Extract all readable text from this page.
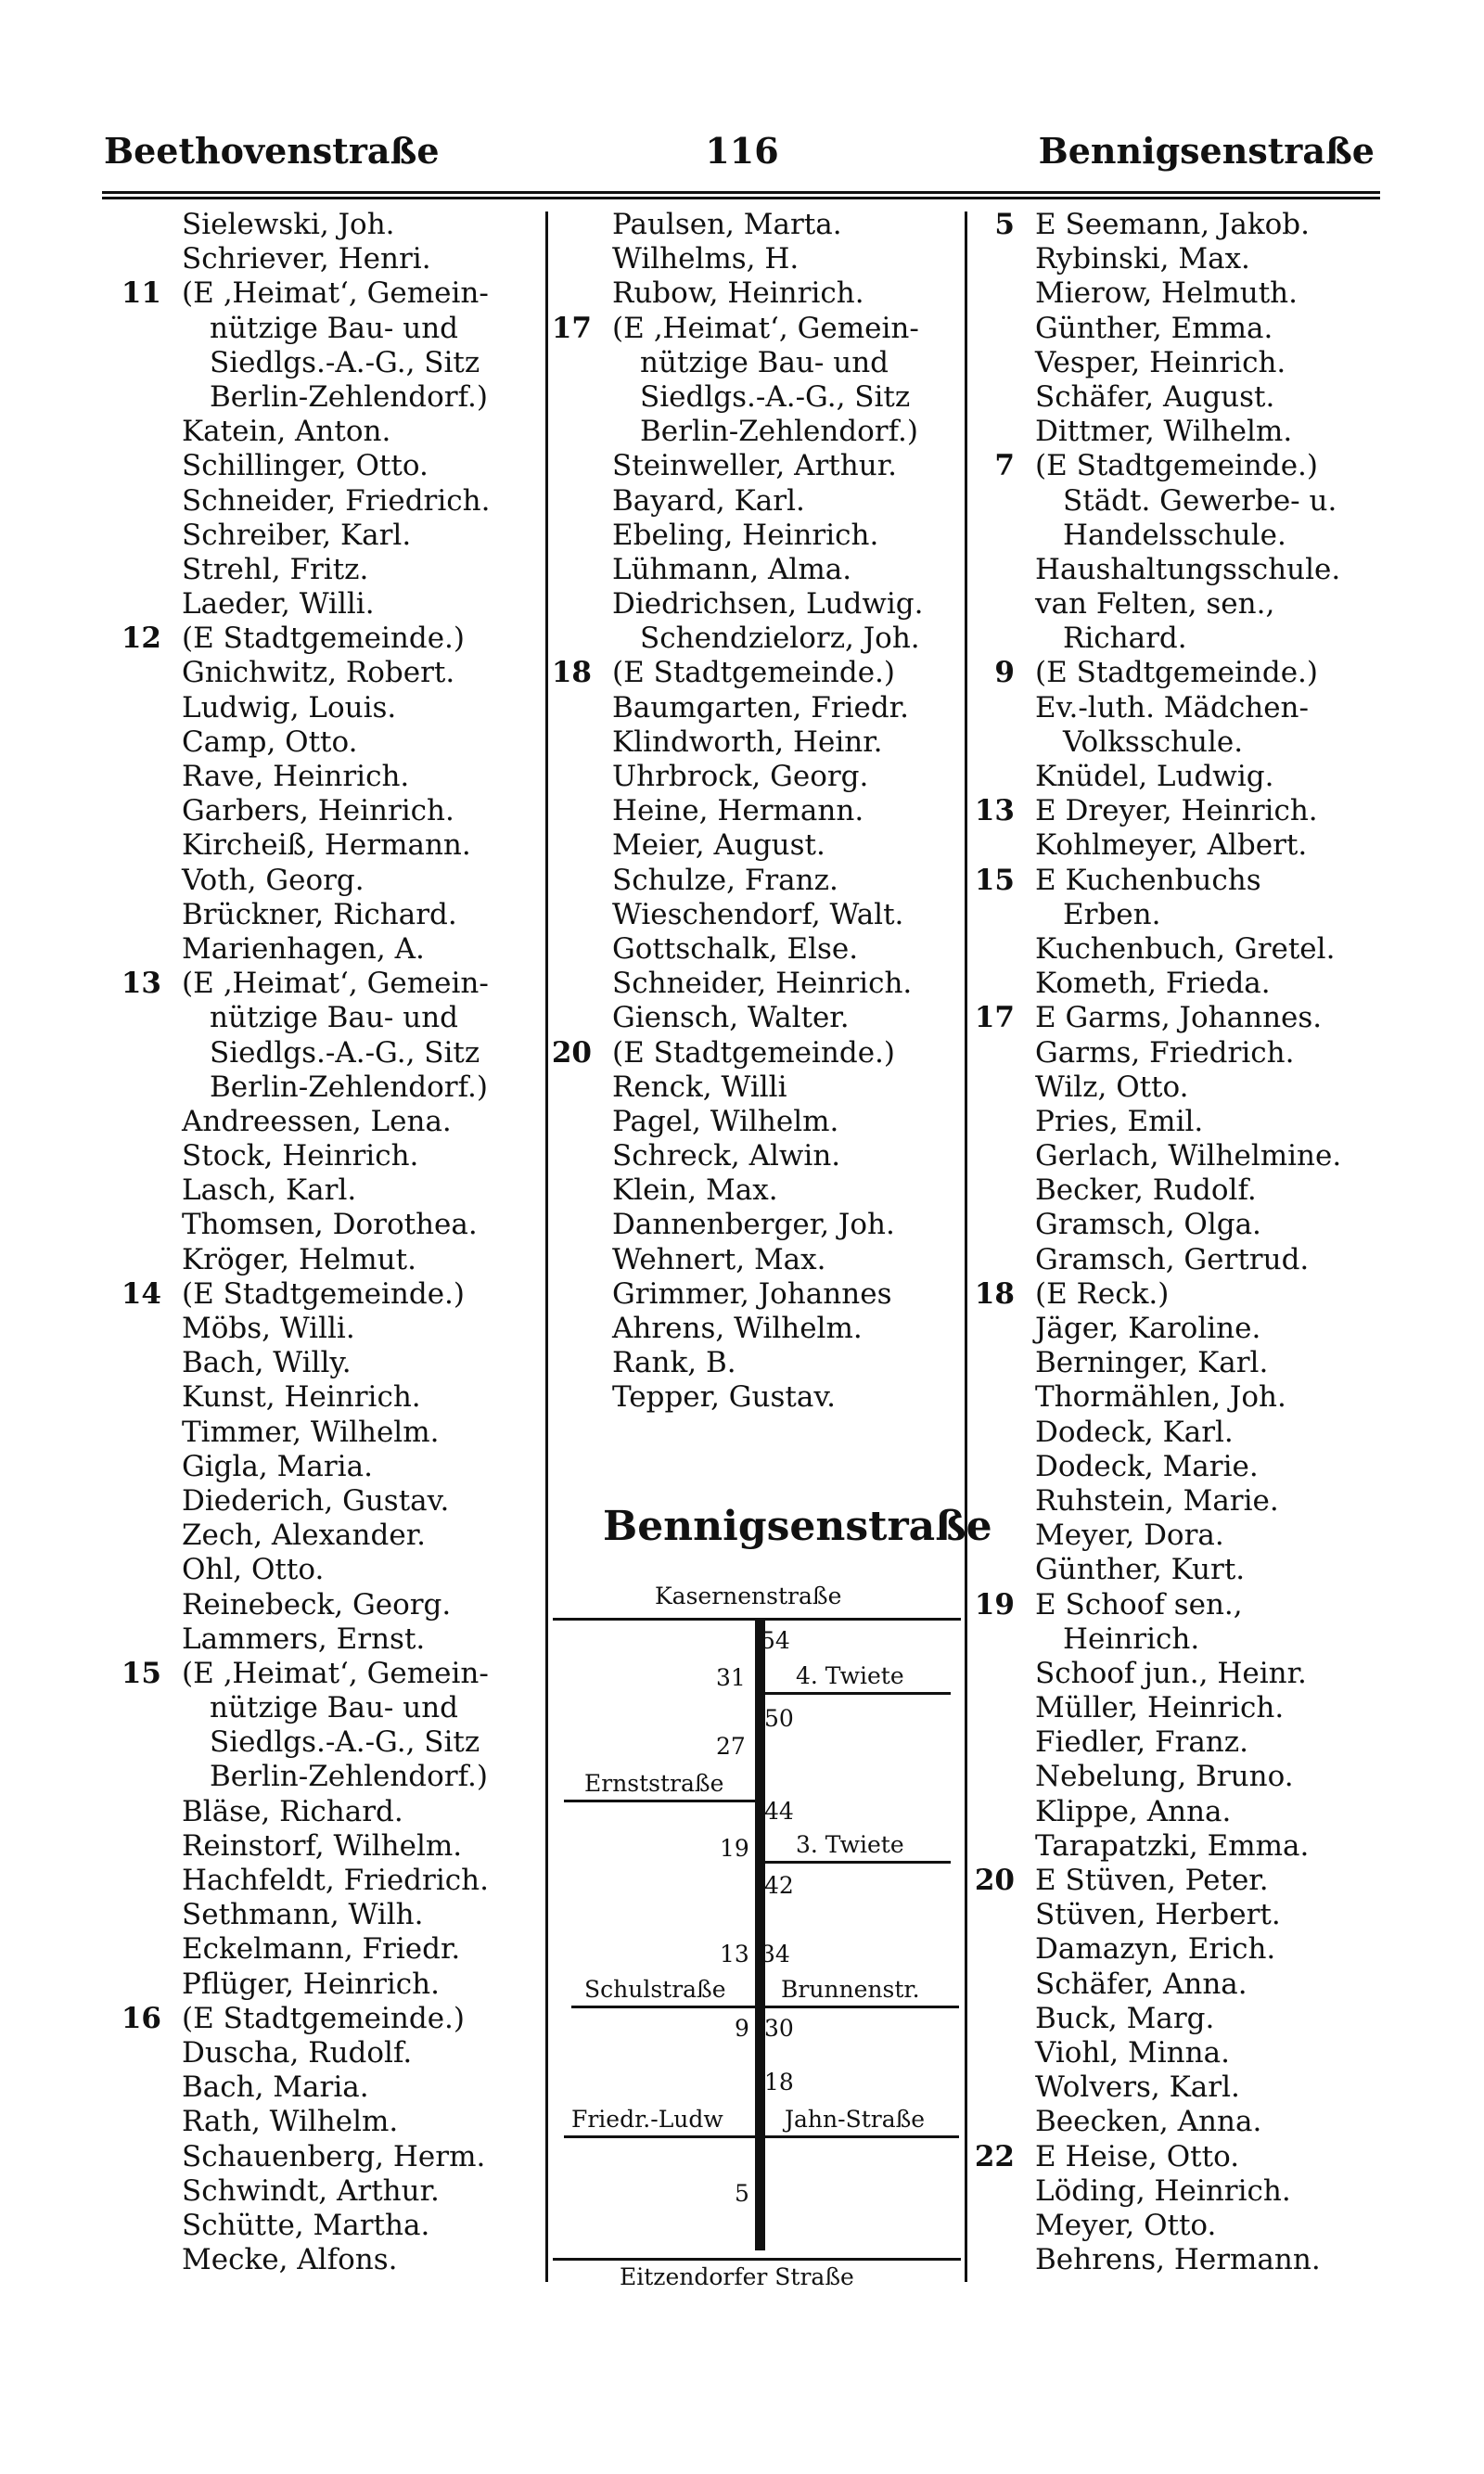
Beethovenstraße	116	Bennigsenstraße
Sielewski, Joh.
Schriever, Henri.
11 (E ‚Heimat‘, Gemein-
nützige Bau- und
Siedlgs.-A.-G., Sitz
Berlin-Zehlendorf.)
Katein, Anton.
Schillinger, Otto.
Schneider, Friedrich.
Schreiber, Karl.
Strehl, Fritz.
Laeder, Willi.
12 (E Stadtgemeinde.)
Gnichwitz, Robert.
Ludwig, Louis.
Camp, Otto.
Rave, Heinrich.
Garbers, Heinrich.
Kircheiß, Hermann.
Voth, Georg.
Brückner, Richard.
Marienhagen, A.
13 (E ‚Heimat‘, Gemein-
nützige Bau- und
Siedlgs.-A.-G., Sitz
Berlin-Zehlendorf.)
Andreessen, Lena.
Stock, Heinrich.
Lasch, Karl.
Thomsen, Dorothea.
Kröger, Helmut.
14 (E Stadtgemeinde.)
Möbs, Willi.
Bach, Willy.
Kunst, Heinrich.
Timmer, Wilhelm.
Gigla, Maria.
Diederich, Gustav.
Zech, Alexander.
Ohl, Otto.
Reinebeck, Georg.
Lammers, Ernst.
15 (E ‚Heimat‘, Gemein-
nützige Bau- und
Siedlgs.-A.-G., Sitz
Berlin-Zehlendorf.)
Bläse, Richard.
Reinstorf, Wilhelm.
Hachfeldt, Friedrich.
Sethmann, Wilh.
Eckelmann, Friedr.
Pflüger, Heinrich.
16 (E Stadtgemeinde.)
Duscha, Rudolf.
Bach, Maria.
Rath, Wilhelm.
Schauenberg, Herm.
Schwindt, Arthur.
Schütte, Martha.
Mecke, Alfons.
Paulsen, Marta.
Wilhelms, H.
Rubow, Heinrich.
17 (E ‚Heimat‘, Gemein-
nützige Bau- und
Siedlgs.-A.-G., Sitz
Berlin-Zehlendorf.)
Steinweller, Arthur.
Bayard, Karl.
Ebeling, Heinrich.
Lühmann, Alma.
Diedrichsen, Ludwig.
Schendzielorz, Joh.
18 (E Stadtgemeinde.)
Baumgarten, Friedr.
Klindworth, Heinr.
Uhrbrock, Georg.
Heine, Hermann.
Meier, August.
Schulze, Franz.
Wieschendorf, Walt.
Gottschalk, Else.
Schneider, Heinrich.
Giensch, Walter.
20 (E Stadtgemeinde.)
Renck, Willi
Pagel, Wilhelm.
Schreck, Alwin.
Klein, Max.
Dannenberger, Joh.
Wehnert, Max.
Grimmer, Johannes
Ahrens, Wilhelm.
Rank, B.
Tepper, Gustav.
5 E Seemann, Jakob.
Rybinski, Max.
Mierow, Helmuth.
Günther, Emma.
Vesper, Heinrich.
Schäfer, August.
Dittmer, Wilhelm.
7 (E Stadtgemeinde.)
Städt. Gewerbe- u.
Handelsschule.
Haushaltungsschule.
van Felten, sen.,
Richard.
9 (E Stadtgemeinde.)
Ev.-luth. Mädchen-
Volksschule.
Knüdel, Ludwig.
13 E Dreyer, Heinrich.
Kohlmeyer, Albert.
15 E Kuchenbuchs
Erben.
Kuchenbuch, Gretel.
Kometh, Frieda.
17 E Garms, Johannes.
Garms, Friedrich.
Wilz, Otto.
Pries, Emil.
Gerlach, Wilhelmine.
Becker, Rudolf.
Gramsch, Olga.
Gramsch, Gertrud.
18 (E Reck.)
Jäger, Karoline.
Berninger, Karl.
Thormählen, Joh.
Dodeck, Karl.
Dodeck, Marie.
Ruhstein, Marie.
Meyer, Dora.
Günther, Kurt.
19 E Schoof sen.,
Heinrich.
Schoof jun., Heinr.
Müller, Heinrich.
Fiedler, Franz.
Nebelung, Bruno.
Klippe, Anna.
Tarapatzki, Emma.
20 E Stüven, Peter.
Stüven, Herbert.
Damazyn, Erich.
Schäfer, Anna.
Buck, Marg.
Viohl, Minna.
Wolvers, Karl.
Beecken, Anna.
22 E Heise, Otto.
Löding, Heinrich.
Meyer, Otto.
Behrens, Hermann.
Bennigsenstraße
Kasernenstraße
54
31 4. Twiete
50
27
Ernststraße
44
19 3. Twiete
42
13 34
Schulstraße Brunnenstr.
9 30
18
Friedr.-Ludw	Jahn-Straße
5
Eitzendorfer Straße
